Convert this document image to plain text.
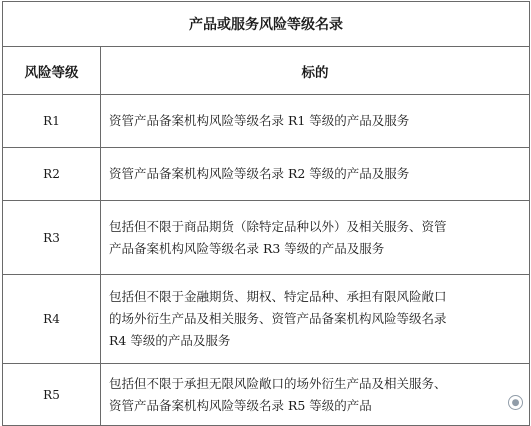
产品或服务风险等级名录	
风险等级	标的
R1	资管产品备案机构风险等级名录 R1 等级的产品及服务

R2	资管产品备案机构风险等级名录 R2 等级的产品及服务

R3	包括但不限于商品期货（除特定品种以外）及相关服务、资管
产品备案机构风险等级名录 R3 等级的产品及服务

R4	包括但不限于金融期货、期权、特定品种、承担有限风险敞口
的场外衍生产品及相关服务、资管产品备案机构风险等级名录
R4 等级的产品及服务

R5	包括但不限于承担无限风险敞口的场外衍生产品及相关服务、
资管产品备案机构风险等级名录 R5 等级的产品	●
